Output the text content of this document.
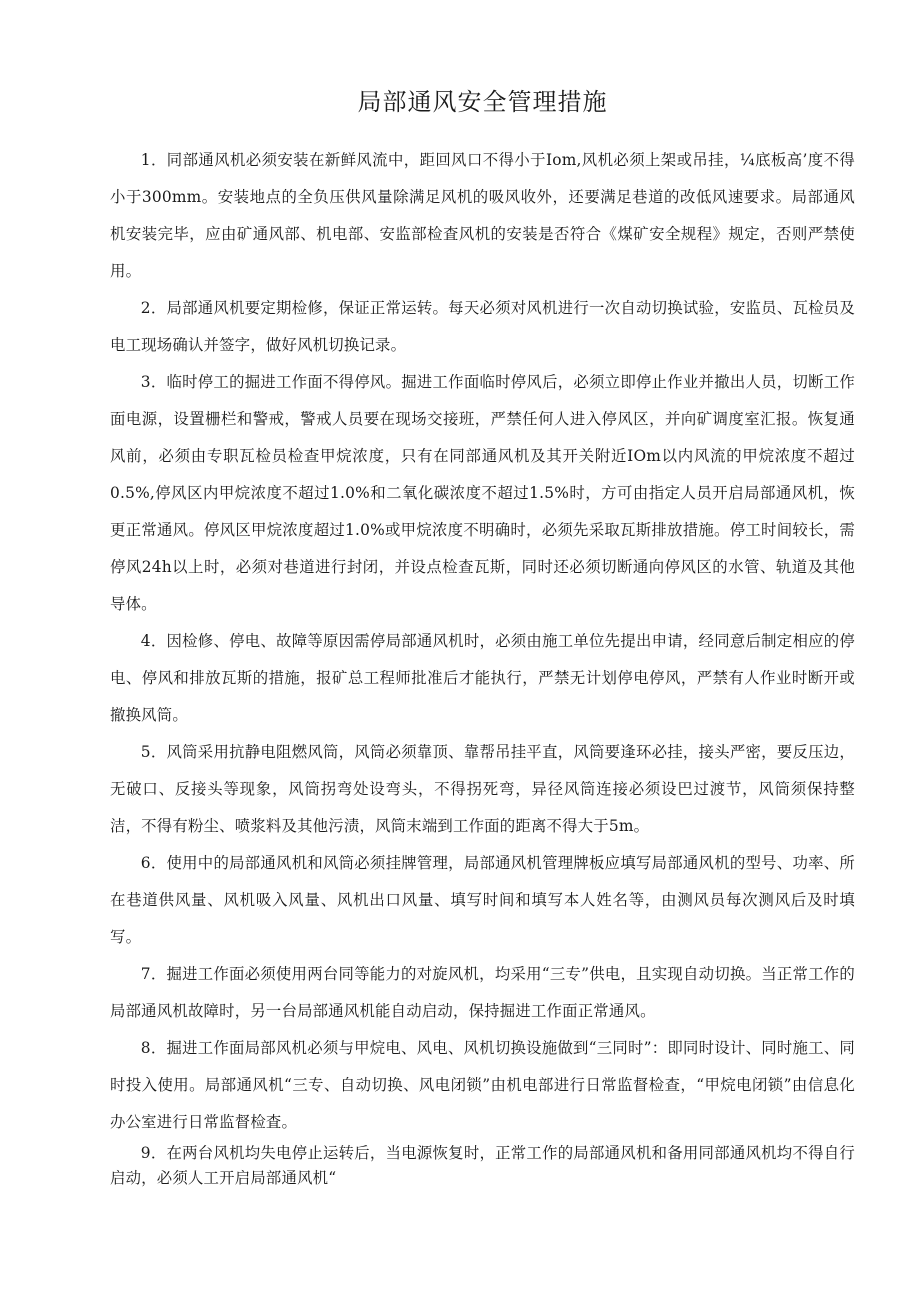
局部通风安全管理措施

1．同部通风机必须安装在新鲜风流中，距回风口不得小于Iom,风机必须上架或吊挂，¼底板高’度不得小于300mm。安装地点的全负压供风量除满足风机的吸风收外，还要满足巷道的改低风速要求。局部通风机安装完毕，应由矿通风部、机电部、安监部检査风机的安装是否符合《煤矿安全规程》规定，否则严禁使用。

2．局部通风机要定期检修，保证正常运转。每天必须对风机进行一次自动切换试验，安监员、瓦检员及电工现场确认并签字，做好风机切换记录。

3．临时停工的掘进工作面不得停风。掘进工作面临时停风后，必须立即停止作业并撤出人员，切断工作面电源，设置栅栏和警戒，警戒人员要在现场交接班，严禁任何人进入停风区，并向矿调度室汇报。恢复通风前，必须由专职瓦检员检查甲烷浓度，只有在同部通风机及其开关附近IOm以内风流的甲烷浓度不超过0.5%,停风区内甲烷浓度不超过1.0%和二氧化碳浓度不超过1.5%时，方可由指定人员开启局部通风机，恢更正常通风。停风区甲烷浓度超过1.0%或甲烷浓度不明确时，必须先采取瓦斯排放措施。停工时间较长，需停风24h以上时，必须对巷道进行封闭，并设点检查瓦斯，同时还必须切断通向停风区的水管、轨道及其他导体。

4．因检修、停电、故障等原因需停局部通风机时，必须由施工单位先提出申请，经同意后制定相应的停电、停风和排放瓦斯的措施，报矿总工程师批准后才能执行，严禁无计划停电停风，严禁有人作业时断开或撤换风筒。

5．风筒采用抗静电阻燃风筒，风筒必须靠顶、靠帮吊挂平直，风筒要逢环必挂，接头严密，要反压边，无破口、反接头等现象，风筒拐弯处设弯头，不得拐死弯，异径风筒连接必须设巴过渡节，风筒须保持整洁，不得有粉尘、喷浆料及其他污渍，风筒末端到工作面的距离不得大于5m。

6．使用中的局部通风机和风筒必须挂牌管理，局部通风机管理牌板应填写局部通风机的型号、功率、所在巷道供风量、风机吸入风量、风机出口风量、填写时间和填写本人姓名等，由测风员每次测风后及时填写。

7．掘进工作面必须使用两台同等能力的对旋风机，均采用“三专”供电，且实现自动切换。当正常工作的局部通风机故障时，另一台局部通风机能自动启动，保持掘进工作面正常通风。

8．掘进工作面局部风机必须与甲烷电、风电、风机切换设施做到“三同时”：即同时设计、同时施工、同时投入使用。局部通风机“三专、自动切换、风电闭锁”由机电部进行日常监督检查，“甲烷电闭锁”由信息化办公室进行日常监督检査。

9．在两台风机均失电停止运转后，当电源恢复时，正常工作的局部通风机和备用同部通风机均不得自行启动，必须人工开启局部通风机“
